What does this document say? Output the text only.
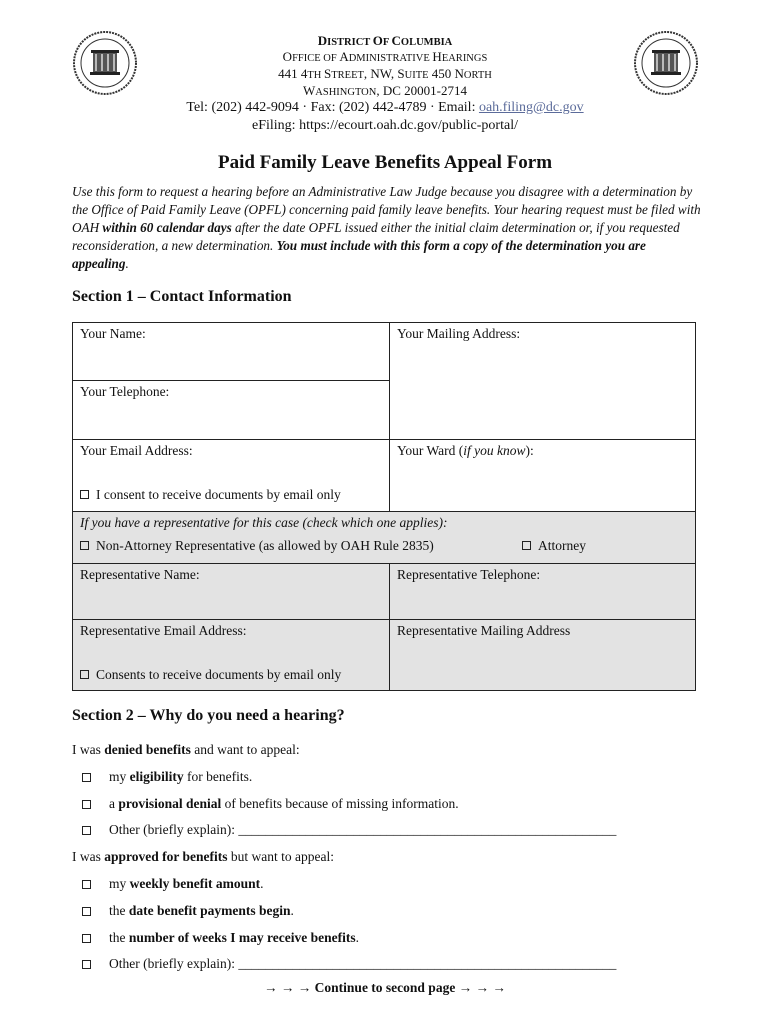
DISTRICT OF COLUMBIA
OFFICE OF ADMINISTRATIVE HEARINGS
441 4TH STREET, NW, SUITE 450 NORTH
WASHINGTON, DC 20001-2714
Tel: (202) 442-9094 · Fax: (202) 442-4789 · Email: oah.filing@dc.gov
eFiling: https://ecourt.oah.dc.gov/public-portal/
Paid Family Leave Benefits Appeal Form
Use this form to request a hearing before an Administrative Law Judge because you disagree with a determination by the Office of Paid Family Leave (OPFL) concerning paid family leave benefits. Your hearing request must be filed with OAH within 60 calendar days after the date OPFL issued either the initial claim determination or, if you requested reconsideration, a new determination. You must include with this form a copy of the determination you are appealing.
Section 1 – Contact Information
Your Name:	Your Mailing Address:
Your Telephone:
Your Email Address:	Your Ward (if you know):
I consent to receive documents by email only
If you have a representative for this case (check which one applies):
Non-Attorney Representative (as allowed by OAH Rule 2835)	Attorney
Representative Name:	Representative Telephone:
Representative Email Address:	Representative Mailing Address
Consents to receive documents by email only
Section 2 – Why do you need a hearing?
I was denied benefits and want to appeal:
my eligibility for benefits.
a provisional denial of benefits because of missing information.
Other (briefly explain): ________________________________________________________
I was approved for benefits but want to appeal:
my weekly benefit amount.
the date benefit payments begin.
the number of weeks I may receive benefits.
Other (briefly explain): ________________________________________________________
→ → → Continue to second page → → →
